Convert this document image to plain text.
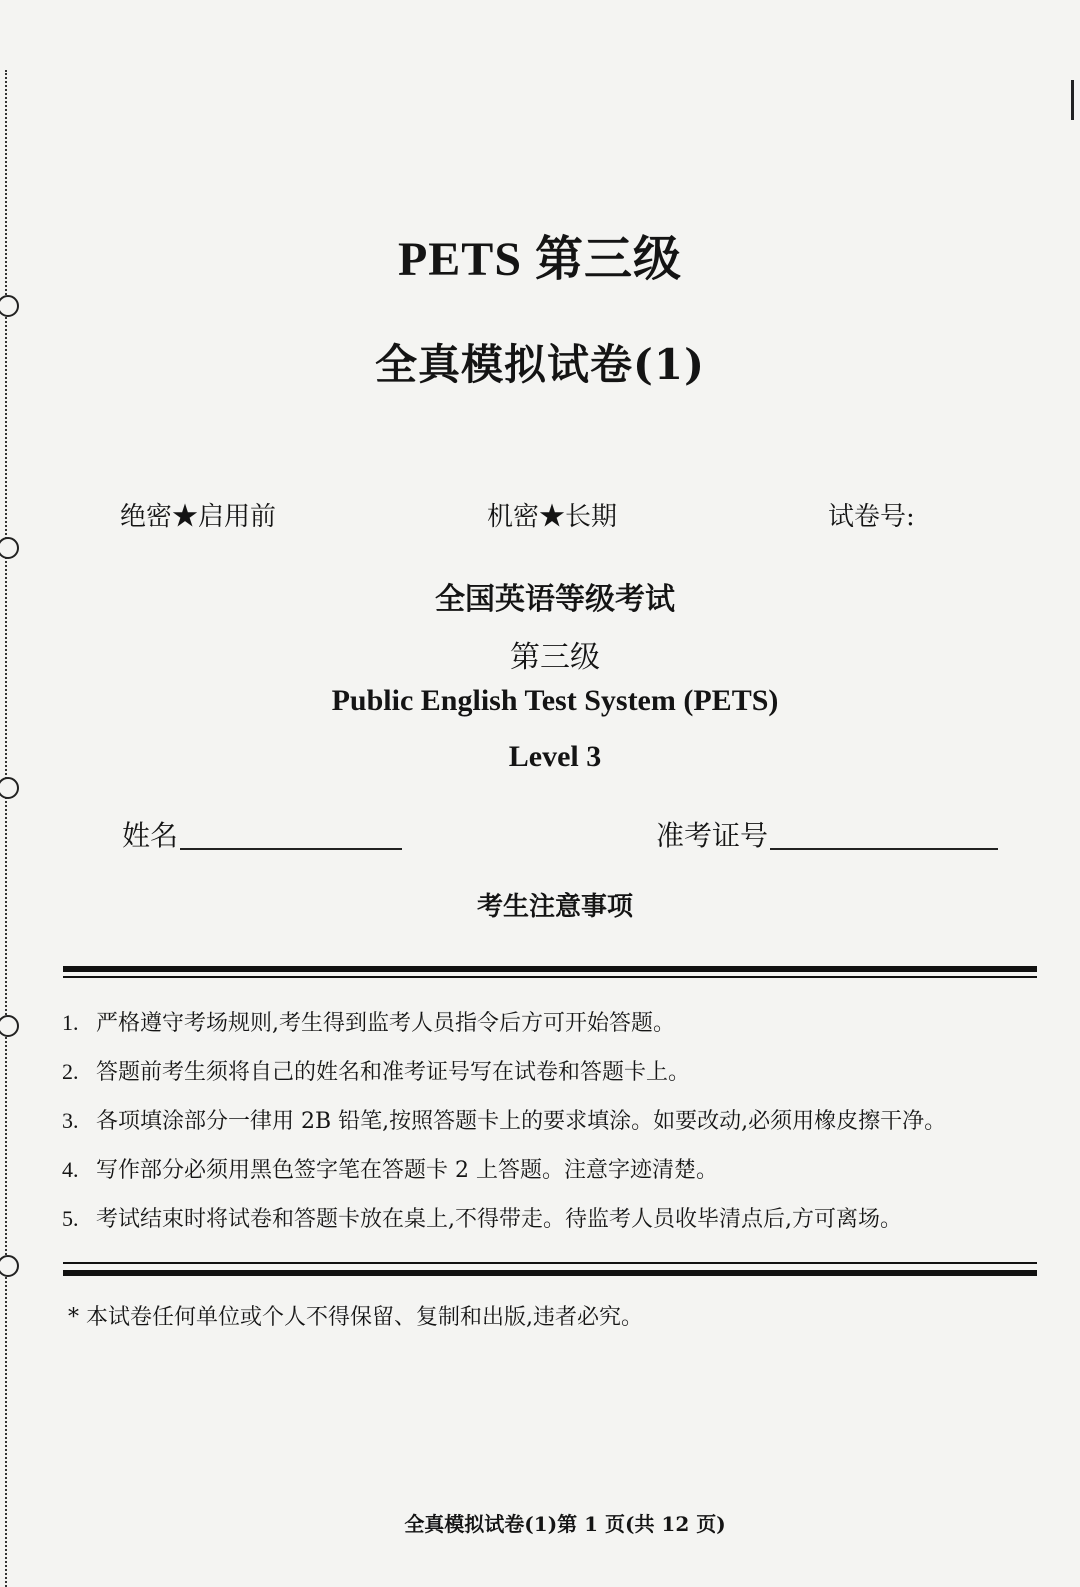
PETS 第三级
全真模拟试卷(1)
绝密★启用前	机密★长期	试卷号:
全国英语等级考试
第三级
Public English Test System (PETS)
Level 3
姓名	准考证号
考生注意事项
1. 严格遵守考场规则,考生得到监考人员指令后方可开始答题。
2. 答题前考生须将自己的姓名和准考证号写在试卷和答题卡上。
3. 各项填涂部分一律用 2B 铅笔,按照答题卡上的要求填涂。如要改动,必须用橡皮擦干净。
4. 写作部分必须用黑色签字笔在答题卡 2 上答题。注意字迹清楚。
5. 考试结束时将试卷和答题卡放在桌上,不得带走。待监考人员收毕清点后,方可离场。
* 本试卷任何单位或个人不得保留、复制和出版,违者必究。
全真模拟试卷(1)第 1 页(共 12 页)
